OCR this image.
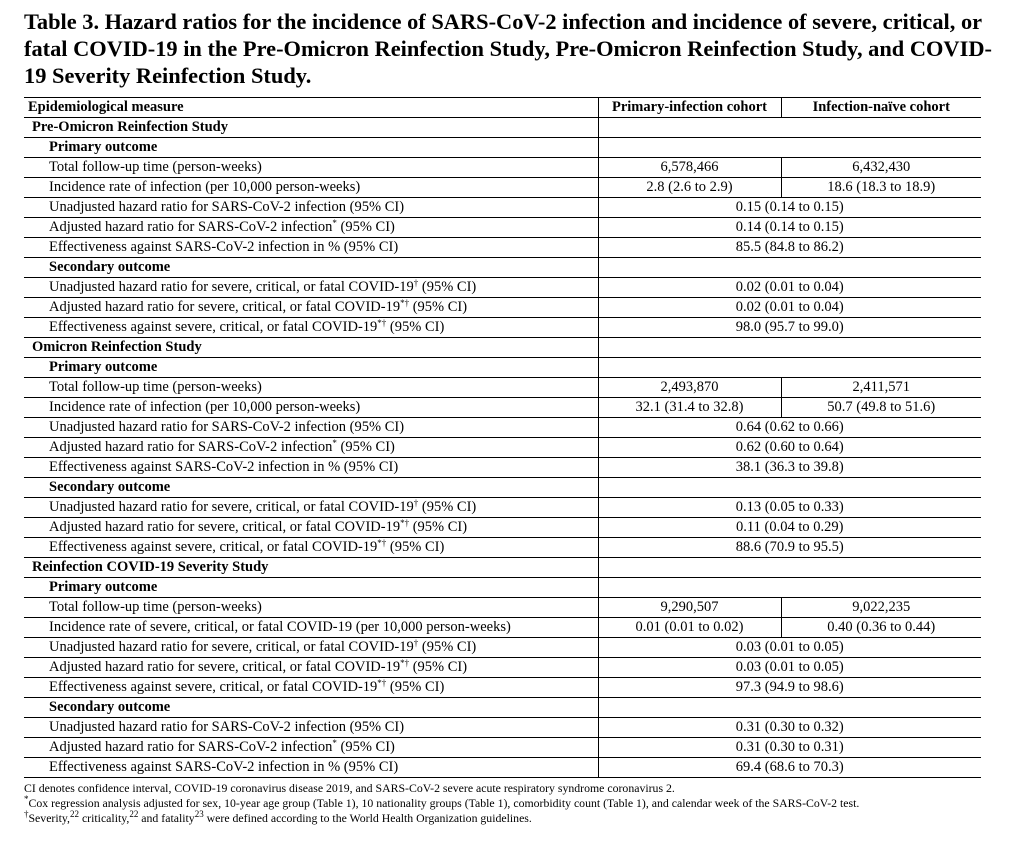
Table 3. Hazard ratios for the incidence of SARS-CoV-2 infection and incidence of severe, critical, or fatal COVID-19 in the Pre-Omicron Reinfection Study, Pre-Omicron Reinfection Study, and COVID-19 Severity Reinfection Study.
Epidemiological measure	Primary-infection cohort	Infection-naïve cohort
Pre-Omicron Reinfection Study		
Primary outcome		
Total follow-up time (person-weeks)	6,578,466	6,432,430
Incidence rate of infection (per 10,000 person-weeks)	2.8 (2.6 to 2.9)	18.6 (18.3 to 18.9)
Unadjusted hazard ratio for SARS-CoV-2 infection (95% CI)	0.15 (0.14 to 0.15)	
Adjusted hazard ratio for SARS-CoV-2 infection* (95% CI)	0.14 (0.14 to 0.15)	
Effectiveness against SARS-CoV-2 infection in % (95% CI)	85.5 (84.8 to 86.2)	
Secondary outcome		
Unadjusted hazard ratio for severe, critical, or fatal COVID-19† (95% CI)	0.02 (0.01 to 0.04)	
Adjusted hazard ratio for severe, critical, or fatal COVID-19*† (95% CI)	0.02 (0.01 to 0.04)	
Effectiveness against severe, critical, or fatal COVID-19*† (95% CI)	98.0 (95.7 to 99.0)	
Omicron Reinfection Study		
Primary outcome		
Total follow-up time (person-weeks)	2,493,870	2,411,571
Incidence rate of infection (per 10,000 person-weeks)	32.1 (31.4 to 32.8)	50.7 (49.8 to 51.6)
Unadjusted hazard ratio for SARS-CoV-2 infection (95% CI)	0.64 (0.62 to 0.66)	
Adjusted hazard ratio for SARS-CoV-2 infection* (95% CI)	0.62 (0.60 to 0.64)	
Effectiveness against SARS-CoV-2 infection in % (95% CI)	38.1 (36.3 to 39.8)	
Secondary outcome		
Unadjusted hazard ratio for severe, critical, or fatal COVID-19† (95% CI)	0.13 (0.05 to 0.33)	
Adjusted hazard ratio for severe, critical, or fatal COVID-19*† (95% CI)	0.11 (0.04 to 0.29)	
Effectiveness against severe, critical, or fatal COVID-19*† (95% CI)	88.6 (70.9 to 95.5)	
Reinfection COVID-19 Severity Study		
Primary outcome		
Total follow-up time (person-weeks)	9,290,507	9,022,235
Incidence rate of severe, critical, or fatal COVID-19 (per 10,000 person-weeks)	0.01 (0.01 to 0.02)	0.40 (0.36 to 0.44)
Unadjusted hazard ratio for severe, critical, or fatal COVID-19† (95% CI)	0.03 (0.01 to 0.05)	
Adjusted hazard ratio for severe, critical, or fatal COVID-19*† (95% CI)	0.03 (0.01 to 0.05)	
Effectiveness against severe, critical, or fatal COVID-19*† (95% CI)	97.3 (94.9 to 98.6)	
Secondary outcome		
Unadjusted hazard ratio for SARS-CoV-2 infection (95% CI)	0.31 (0.30 to 0.32)	
Adjusted hazard ratio for SARS-CoV-2 infection* (95% CI)	0.31 (0.30 to 0.31)	
Effectiveness against SARS-CoV-2 infection in % (95% CI)	69.4 (68.6 to 70.3)	
CI denotes confidence interval, COVID-19 coronavirus disease 2019, and SARS-CoV-2 severe acute respiratory syndrome coronavirus 2.
*Cox regression analysis adjusted for sex, 10-year age group (Table 1), 10 nationality groups (Table 1), comorbidity count (Table 1), and calendar week of the SARS-CoV-2 test.
†Severity,$^{22}$ criticality,$^{22}$ and fatality$^{23}$ were defined according to the World Health Organization guidelines.
